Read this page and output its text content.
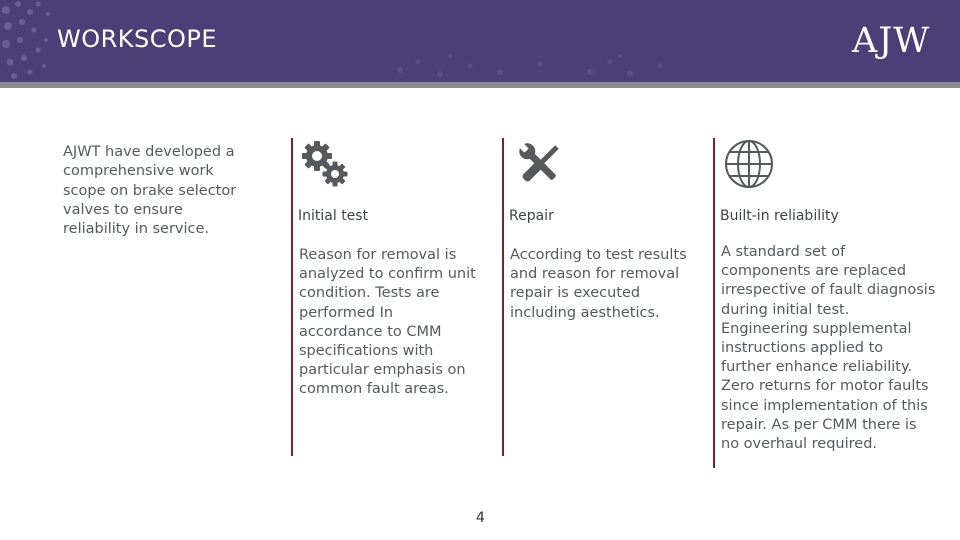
WORKSCOPE	AJW

AJWT have developed a comprehensive work scope on brake selector valves to ensure reliability in service.

Initial test

Reason for removal is analyzed to confirm unit condition. Tests are performed In accordance to CMM specifications with particular emphasis on common fault areas.

Repair

According to test results and reason for removal repair is executed including aesthetics.

Built-in reliability

A standard set of components are replaced irrespective of fault diagnosis during initial test. Engineering supplemental instructions applied to further enhance reliability. Zero returns for motor faults since implementation of this repair. As per CMM there is no overhaul required.

4
